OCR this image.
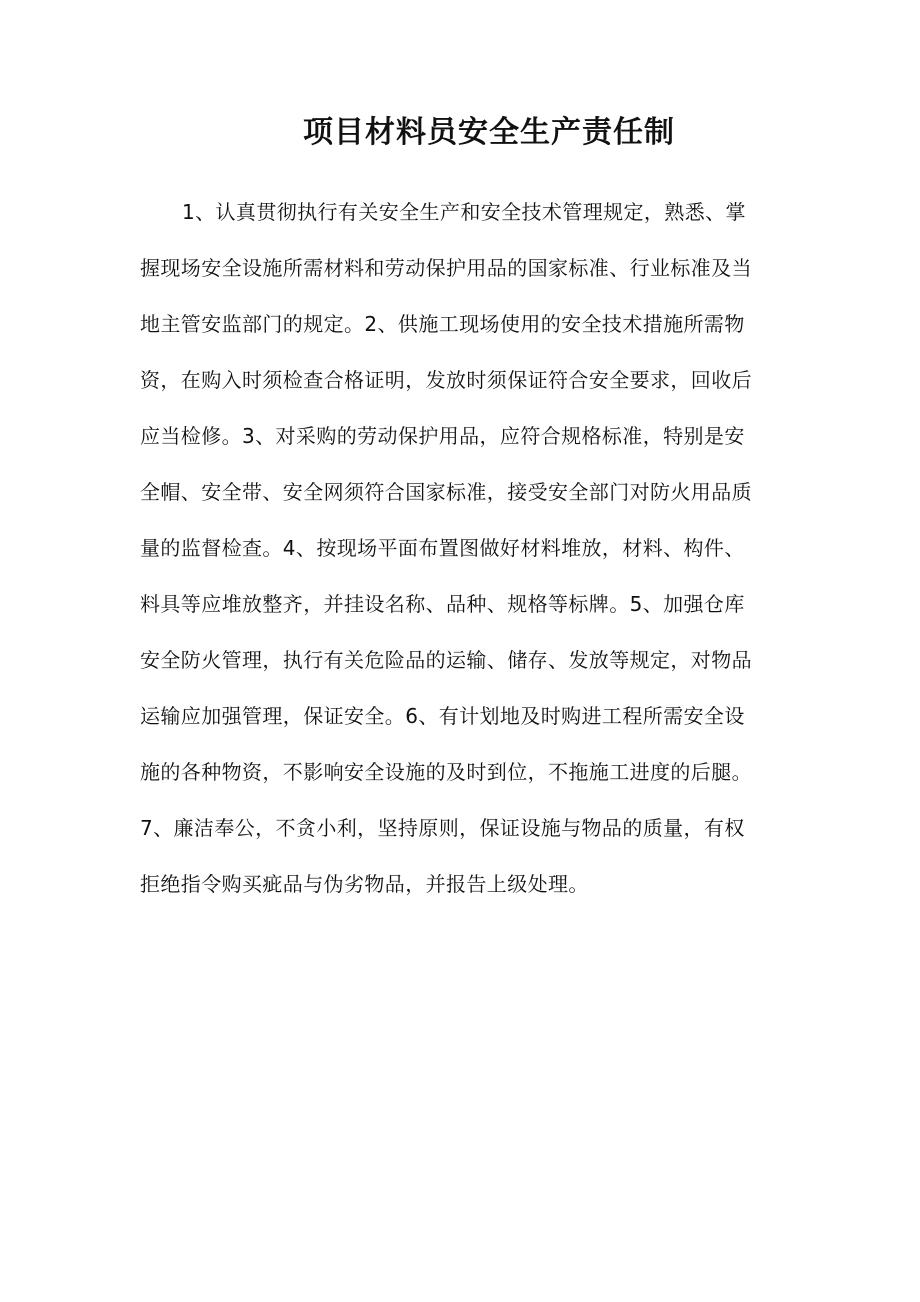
项目材料员安全生产责任制
1、认真贯彻执行有关安全生产和安全技术管理规定，熟悉、掌
握现场安全设施所需材料和劳动保护用品的国家标准、行业标准及当
地主管安监部门的规定。2、供施工现场使用的安全技术措施所需物
资，在购入时须检查合格证明，发放时须保证符合安全要求，回收后
应当检修。3、对采购的劳动保护用品，应符合规格标准，特别是安
全帽、安全带、安全网须符合国家标准，接受安全部门对防火用品质
量的监督检查。4、按现场平面布置图做好材料堆放，材料、构件、
料具等应堆放整齐，并挂设名称、品种、规格等标牌。5、加强仓库
安全防火管理，执行有关危险品的运输、储存、发放等规定，对物品
运输应加强管理，保证安全。6、有计划地及时购进工程所需安全设
施的各种物资，不影响安全设施的及时到位，不拖施工进度的后腿。
7、廉洁奉公，不贪小利，坚持原则，保证设施与物品的质量，有权
拒绝指令购买疵品与伪劣物品，并报告上级处理。
